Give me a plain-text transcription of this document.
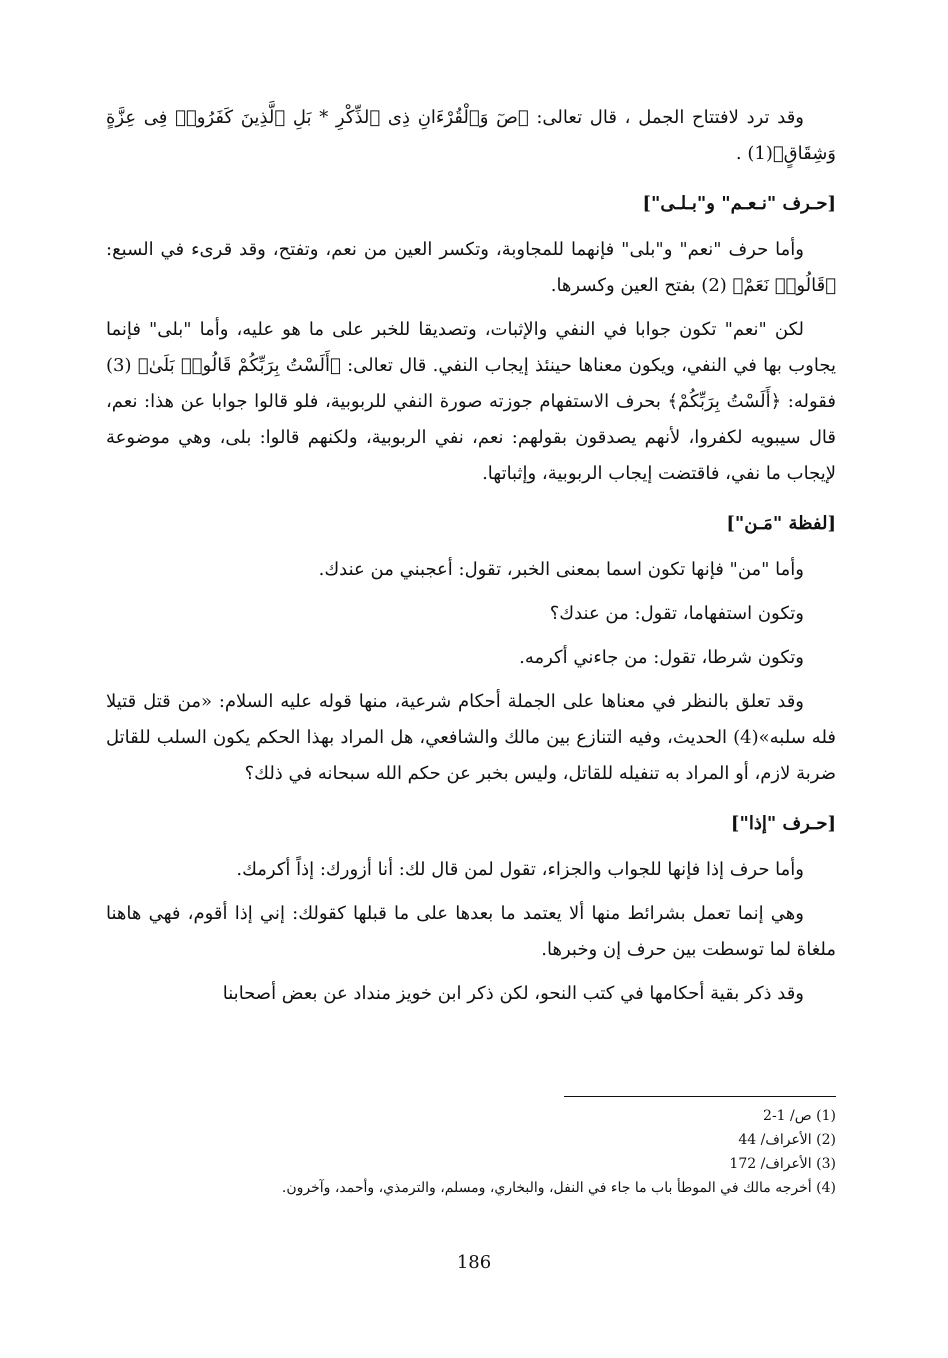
وقد ترد لافتتاح الجمل ، قال تعالى: ﴿صٓ وَٱلْقُرْءَانِ ذِى ٱلذِّكْرِ * بَلِ ٱلَّذِينَ كَفَرُوا۟ فِى عِزَّةٍ وَشِقَاقٍ﴾(1) .

[حـرف "نـعـم" و"بـلـى"]

وأما حرف "نعم" و"بلى" فإنهما للمجاوبة، وتكسر العين من نعم، وتفتح، وقد قرىء في السبع: ﴿قَالُوا۟ نَعَمْ﴾ (2) بفتح العين وكسرها.

لكن "نعم" تكون جوابا في النفي والإثبات، وتصديقا للخبر على ما هو عليه، وأما "بلى" فإنما يجاوب بها في النفي، ويكون معناها حينئذ إيجاب النفي. قال تعالى: ﴿أَلَسْتُ بِرَبِّكُمْ قَالُوا۟ بَلَىٰ﴾ (3) فقوله: ﴿أَلَسْتُ بِرَبِّكُمْ﴾ بحرف الاستفهام جوزته صورة النفي للربوبية، فلو قالوا جوابا عن هذا: نعم، قال سيبويه لكفروا، لأنهم يصدقون بقولهم: نعم، نفي الربوبية، ولكنهم قالوا: بلى، وهي موضوعة لإيجاب ما نفي، فاقتضت إيجاب الربوبية، وإثباتها.

[لفظة "مَـن"]

وأما "من" فإنها تكون اسما بمعنى الخبر، تقول: أعجبني من عندك.

وتكون استفهاما، تقول: من عندك؟

وتكون شرطا، تقول: من جاءني أكرمه.

وقد تعلق بالنظر في معناها على الجملة أحكام شرعية، منها قوله عليه السلام: «من قتل قتيلا فله سلبه»(4) الحديث، وفيه التنازع بين مالك والشافعي، هل المراد بهذا الحكم يكون السلب للقاتل ضربة لازم، أو المراد به تنفيله للقاتل، وليس بخبر عن حكم الله سبحانه في ذلك؟

[حـرف "إذا"]

وأما حرف إذا فإنها للجواب والجزاء، تقول لمن قال لك: أنا أزورك: إذاً أكرمك.

وهي إنما تعمل بشرائط منها ألا يعتمد ما بعدها على ما قبلها كقولك: إني إذا أقوم، فهي هاهنا ملغاة لما توسطت بين حرف إن وخبرها.

وقد ذكر بقية أحكامها في كتب النحو، لكن ذكر ابن خويز منداد عن بعض أصحابنا

(1) ص/ 1-2

(2) الأعراف/ 44

(3) الأعراف/ 172

(4) أخرجه مالك في الموطأ باب ما جاء في النفل، والبخاري، ومسلم، والترمذي، وأحمد، وآخرون.

186
